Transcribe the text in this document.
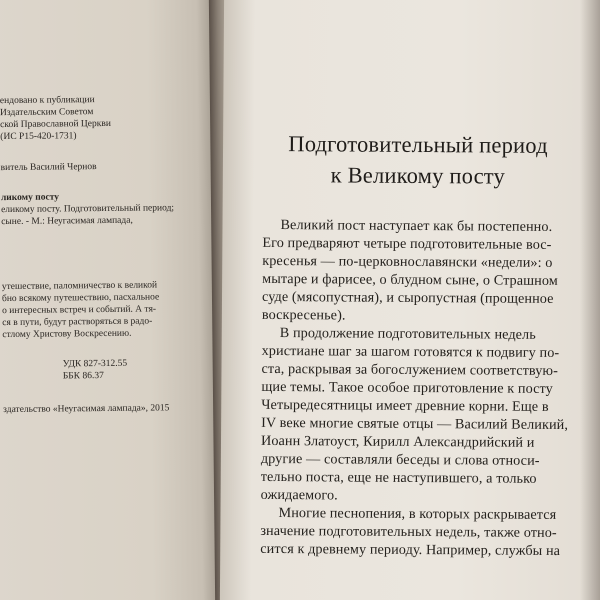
ендовано к публикации
Издательским Советом
ской Православной Церкви
(ИС Р15-420-1731)
витель Василий Чернов
ликому посту
еликому посту. Подготовительный период;
сыне. - М.: Неугасимая лампада,
утешествие, паломничество к великой
бно всякому путешествию, пасхальное
о интересных встреч и событий. А тя-
ся в пути, будут растворяться в радо-
стлому Христову Воскресению.
УДК 827-312.55
ББК 86.37
здательство «Неугасимая лампада», 2015
Подготовительный период
к Великому посту
Великий пост наступает как бы постепенно.
Его предваряют четыре подготовительные вос-
кресенья — по-церковнославянски «недели»: о
мытаре и фарисее, о блудном сыне, о Страшном
суде (мясопустная), и сыропустная (прощенное
воскресенье).
В продолжение подготовительных недель
христиане шаг за шагом готовятся к подвигу по-
ста, раскрывая за богослужением соответствую-
щие темы. Такое особое приготовление к посту
Четыредесятницы имеет древние корни. Еще в
IV веке многие святые отцы — Василий Великий,
Иоанн Златоуст, Кирилл Александрийский и
другие — составляли беседы и слова относи-
тельно поста, еще не наступившего, а только
ожидаемого.
Многие песнопения, в которых раскрывается
значение подготовительных недель, также отно-
сится к древнему периоду. Например, службы на
